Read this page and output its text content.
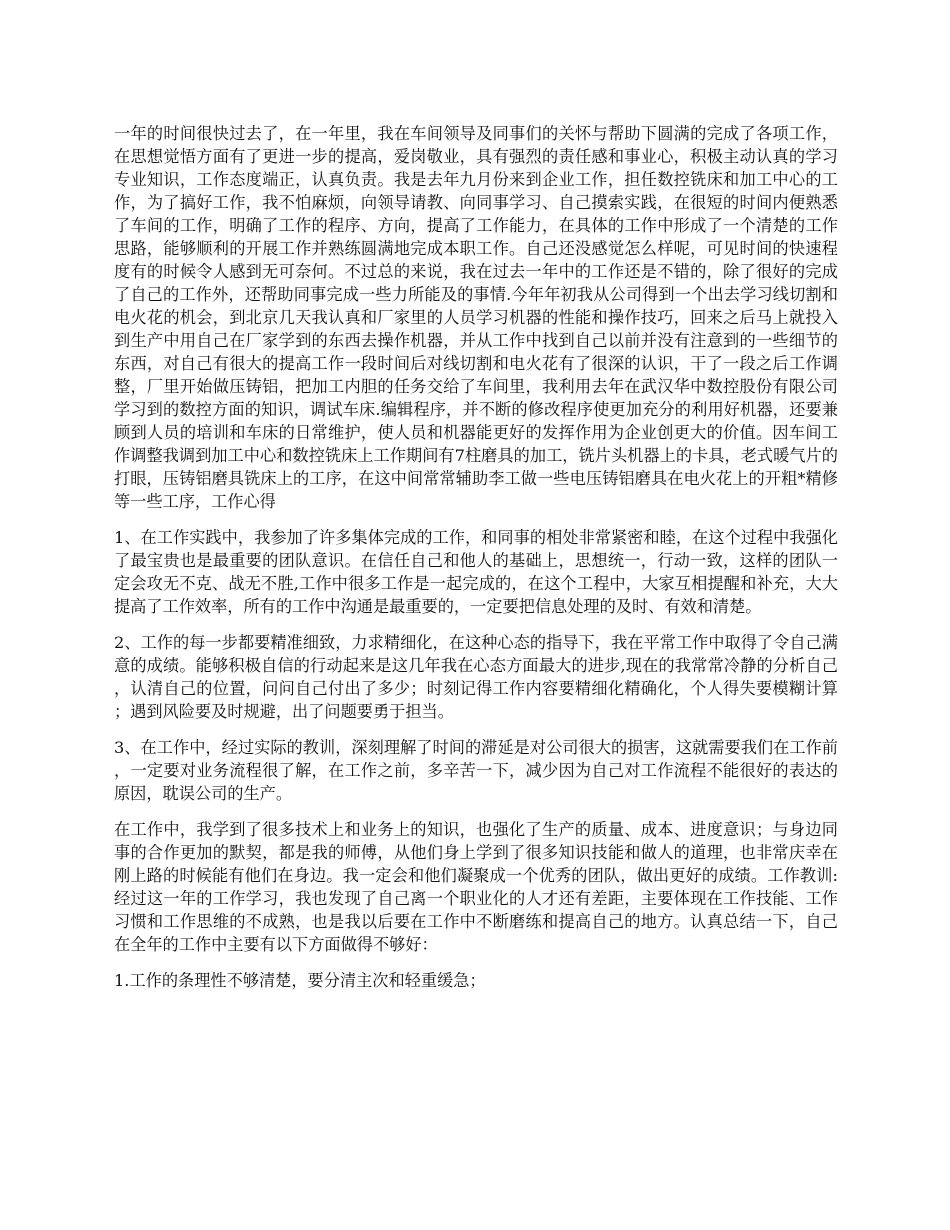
一年的时间很快过去了，在一年里，我在车间领导及同事们的关怀与帮助下圆满的完成了各项工作，在思想觉悟方面有了更进一步的提高，爱岗敬业，具有强烈的责任感和事业心，积极主动认真的学习专业知识，工作态度端正，认真负责。我是去年九月份来到企业工作，担任数控铣床和加工中心的工作，为了搞好工作，我不怕麻烦，向领导请教、向同事学习、自己摸索实践，在很短的时间内便熟悉了车间的工作，明确了工作的程序、方向，提高了工作能力，在具体的工作中形成了一个清楚的工作思路，能够顺利的开展工作并熟练圆满地完成本职工作。自己还没感觉怎么样呢，可见时间的快速程度有的时候令人感到无可奈何。不过总的来说，我在过去一年中的工作还是不错的，除了很好的完成了自己的工作外，还帮助同事完成一些力所能及的事情.今年年初我从公司得到一个出去学习线切割和电火花的机会，到北京几天我认真和厂家里的人员学习机器的性能和操作技巧，回来之后马上就投入到生产中用自己在厂家学到的东西去操作机器，并从工作中找到自己以前并没有注意到的一些细节的东西，对自己有很大的提高工作一段时间后对线切割和电火花有了很深的认识，干了一段之后工作调整，厂里开始做压铸铝，把加工内胆的任务交给了车间里，我利用去年在武汉华中数控股份有限公司学习到的数控方面的知识，调试车床.编辑程序，并不断的修改程序使更加充分的利用好机器，还要兼顾到人员的培训和车床的日常维护，使人员和机器能更好的发挥作用为企业创更大的价值。因车间工作调整我调到加工中心和数控铣床上工作期间有7柱磨具的加工，铣片头机器上的卡具，老式暖气片的打眼，压铸铝磨具铣床上的工序，在这中间常常辅助李工做一些电压铸铝磨具在电火花上的开粗*精修等一些工序，工作心得

1、在工作实践中，我参加了许多集体完成的工作，和同事的相处非常紧密和睦，在这个过程中我强化了最宝贵也是最重要的团队意识。在信任自己和他人的基础上，思想统一，行动一致，这样的团队一定会攻无不克、战无不胜,工作中很多工作是一起完成的，在这个工程中，大家互相提醒和补充，大大提高了工作效率，所有的工作中沟通是最重要的，一定要把信息处理的及时、有效和清楚。

2、工作的每一步都要精准细致，力求精细化，在这种心态的指导下，我在平常工作中取得了令自己满意的成绩。能够积极自信的行动起来是这几年我在心态方面最大的进步,现在的我常常冷静的分析自己，认清自己的位置，问问自己付出了多少；时刻记得工作内容要精细化精确化，个人得失要模糊计算；遇到风险要及时规避，出了问题要勇于担当。

3、在工作中，经过实际的教训，深刻理解了时间的滞延是对公司很大的损害，这就需要我们在工作前，一定要对业务流程很了解，在工作之前，多辛苦一下，减少因为自己对工作流程不能很好的表达的原因，耽误公司的生产。

在工作中，我学到了很多技术上和业务上的知识，也强化了生产的质量、成本、进度意识；与身边同事的合作更加的默契，都是我的师傅，从他们身上学到了很多知识技能和做人的道理，也非常庆幸在刚上路的时候能有他们在身边。我一定会和他们凝聚成一个优秀的团队，做出更好的成绩。工作教训:经过这一年的工作学习，我也发现了自己离一个职业化的人才还有差距，主要体现在工作技能、工作习惯和工作思维的不成熟，也是我以后要在工作中不断磨练和提高自己的地方。认真总结一下，自己在全年的工作中主要有以下方面做得不够好：

1.工作的条理性不够清楚，要分清主次和轻重缓急；
